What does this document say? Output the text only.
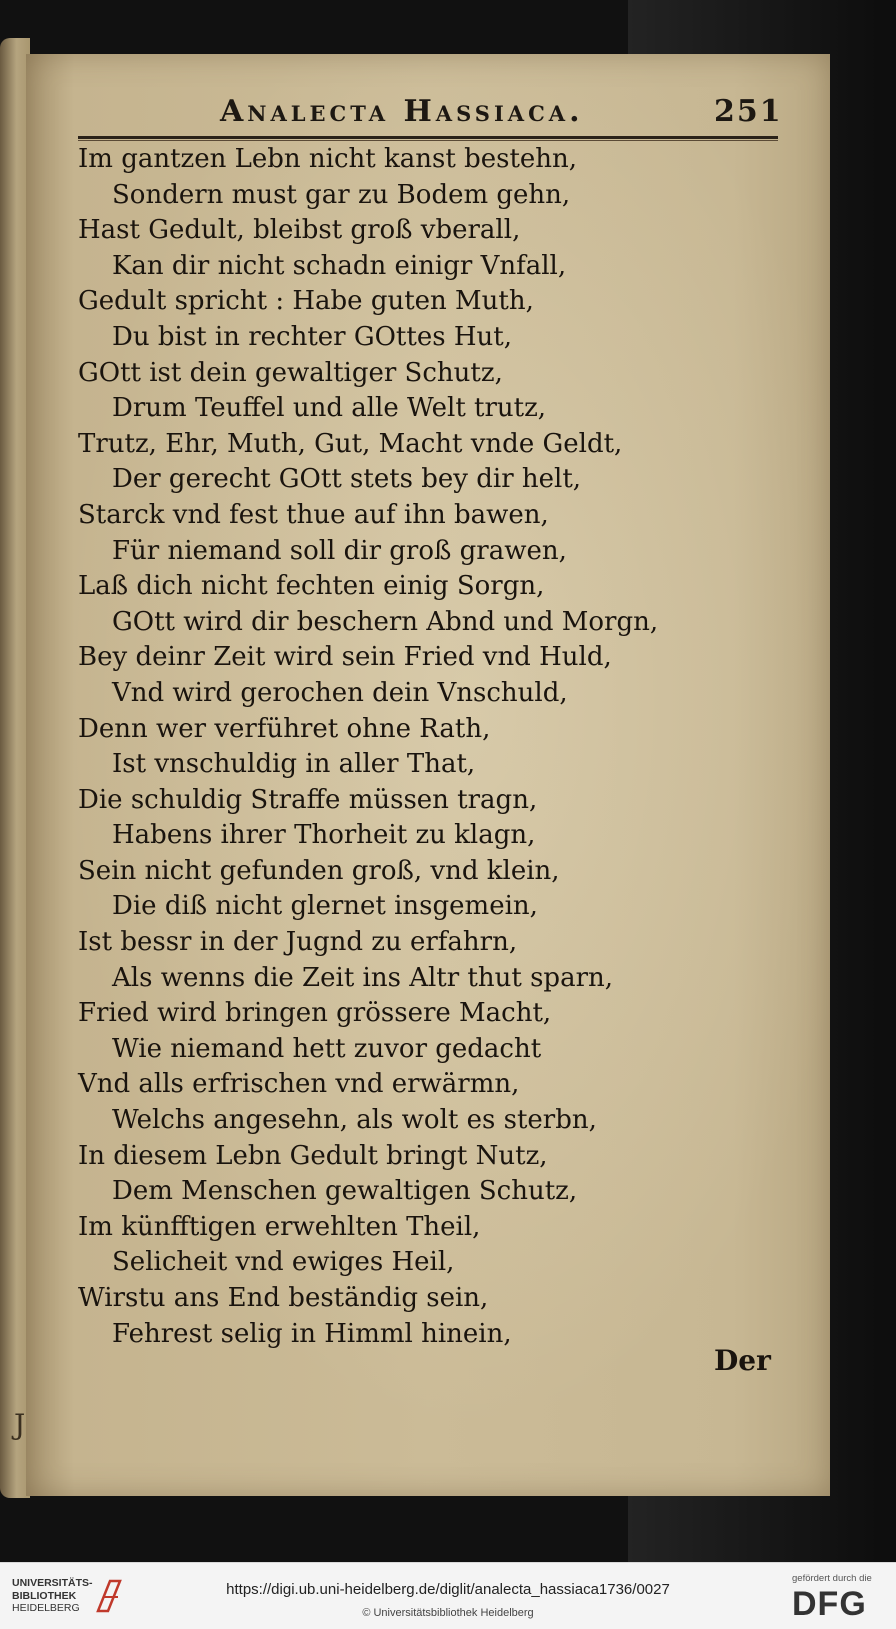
J
Analecta Hassiaca.	251
Im gantzen Lebn nicht kanst bestehn,
Sondern must gar zu Bodem gehn,
Hast Gedult, bleibst groß vberall,
Kan dir nicht schadn einigr Vnfall,
Gedult spricht : Habe guten Muth,
Du bist in rechter GOttes Hut,
GOtt ist dein gewaltiger Schutz,
Drum Teuffel und alle Welt trutz,
Trutz, Ehr, Muth, Gut, Macht vnde Geldt,
Der gerecht GOtt stets bey dir helt,
Starck vnd fest thue auf ihn bawen,
Für niemand soll dir groß grawen,
Laß dich nicht fechten einig Sorgn,
GOtt wird dir beschern Abnd und Morgn,
Bey deinr Zeit wird sein Fried vnd Huld,
Vnd wird gerochen dein Vnschuld,
Denn wer verführet ohne Rath,
Ist vnschuldig in aller That,
Die schuldig Straffe müssen tragn,
Habens ihrer Thorheit zu klagn,
Sein nicht gefunden groß, vnd klein,
Die diß nicht glernet insgemein,
Ist bessr in der Jugnd zu erfahrn,
Als wenns die Zeit ins Altr thut sparn,
Fried wird bringen grössere Macht,
Wie niemand hett zuvor gedacht
Vnd alls erfrischen vnd erwärmn,
Welchs angesehn, als wolt es sterbn,
In diesem Lebn Gedult bringt Nutz,
Dem Menschen gewaltigen Schutz,
Im künfftigen erwehlten Theil,
Selicheit vnd ewiges Heil,
Wirstu ans End beständig sein,
Fehrest selig in Himml hinein,
Der
UNIVERSITÄTS-
BIBLIOTHEK
HEIDELBERG
https://digi.ub.uni-heidelberg.de/diglit/analecta_hassiaca1736/0027
© Universitätsbibliothek Heidelberg
gefördert durch die
DFG
